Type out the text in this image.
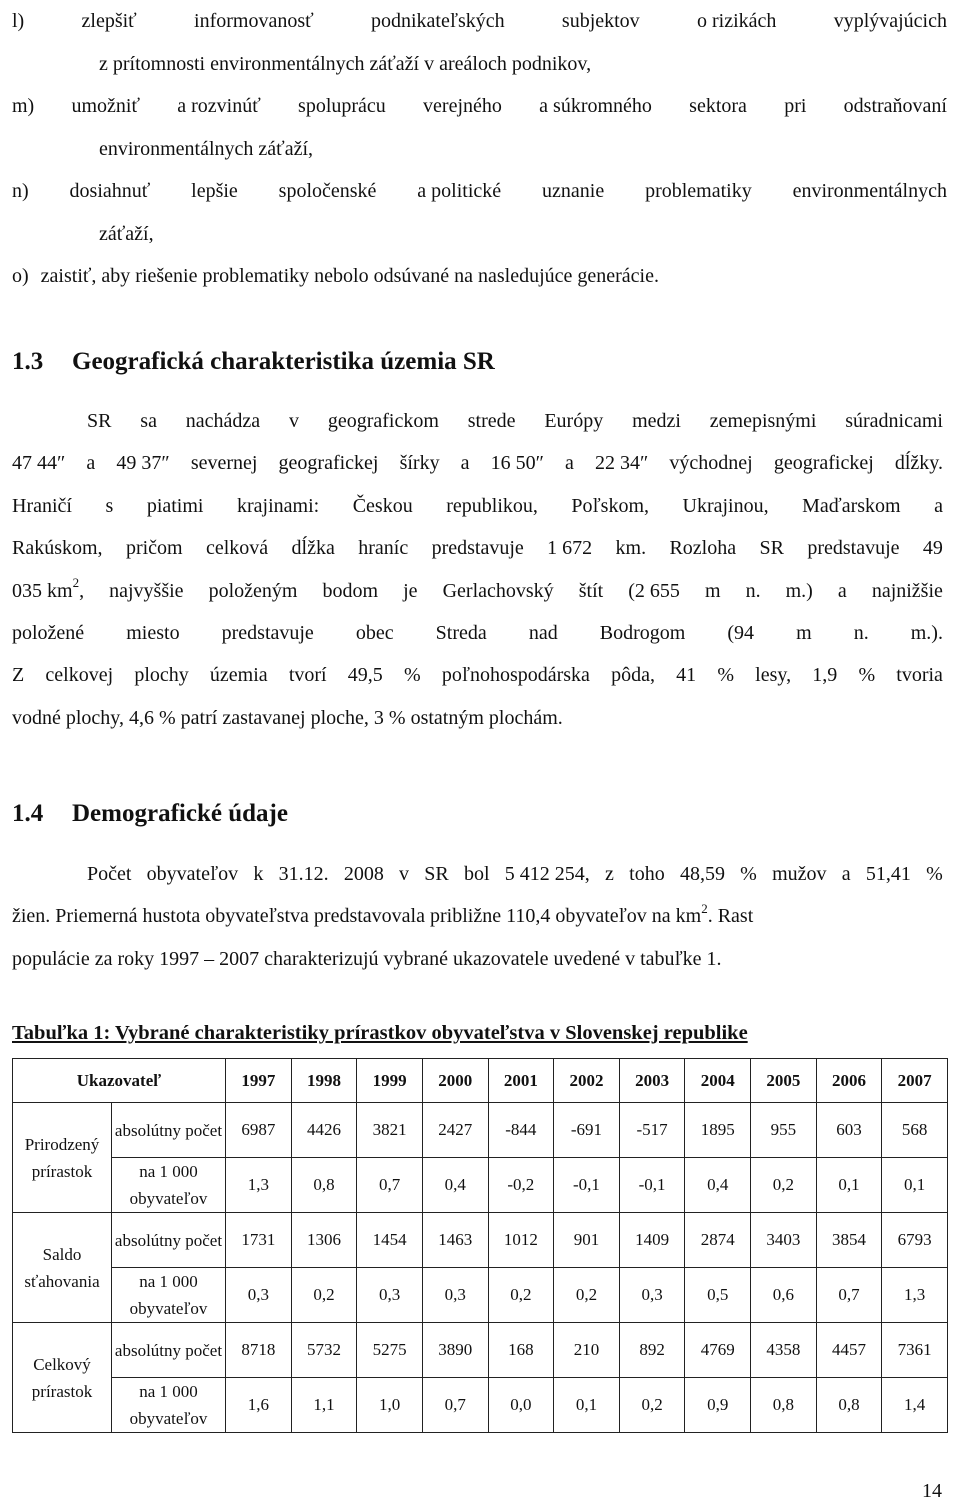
l)	zlepšiť	informovanosť	podnikateľských	subjektov	o rizikách	vyplývajúcich
z prítomnosti environmentálnych záťaží v areáloch podnikov,
m) umožniť a rozvinúť spoluprácu verejného a súkromného sektora pri odstraňovaní
environmentálnych záťaží,
n) dosiahnuť lepšie spoločenské a politické uznanie problematiky environmentálnych
záťaží,
o) zaistiť, aby riešenie problematiky nebolo odsúvané na nasledujúce generácie.
1.3 Geografická charakteristika územia SR
SR sa nachádza v geografickom strede Európy medzi zemepisnými súradnicami
47 44″ a 49 37″ severnej geografickej šírky a 16 50″ a 22 34″ východnej geografickej dĺžky.
Hraničí s piatimi krajinami: Českou republikou, Poľskom, Ukrajinou, Maďarskom a
Rakúskom, pričom celková dĺžka hraníc predstavuje 1 672 km. Rozloha SR predstavuje 49
035 $km^2$, najvyššie položeným bodom je Gerlachovský štít (2 655 m n. m.) a najnižšie
položené miesto predstavuje obec Streda nad Bodrogom (94 m n. m.).
Z celkovej plochy územia tvorí 49,5 % poľnohospodárska pôda, 41 % lesy, 1,9 % tvoria
vodné plochy, 4,6 % patrí zastavanej ploche, 3 % ostatným plochám.
1.4 Demografické údaje
Počet obyvateľov k 31.12. 2008 v SR bol 5 412 254, z toho 48,59 % mužov a 51,41 %
žien. Priemerná hustota obyvateľstva predstavovala približne 110,4 obyvateľov na $km^2$. Rast
populácie za roky 1997 – 2007 charakterizujú vybrané ukazovatele uvedené v tabuľke 1.
Tabuľka 1: Vybrané charakteristiky prírastkov obyvateľstva v Slovenskej republike
Ukazovateľ		1997	1998	1999	2000	2001	2002	2003	2004	2005	2006	2007
Prirodzený prírastok	absolútny počet	6987	4426	3821	2427	-844	-691	-517	1895	955	603	568
	na 1 000 obyvateľov	1,3	0,8	0,7	0,4	-0,2	-0,1	-0,1	0,4	0,2	0,1	0,1
Saldo sťahovania	absolútny počet	1731	1306	1454	1463	1012	901	1409	2874	3403	3854	6793
	na 1 000 obyvateľov	0,3	0,2	0,3	0,3	0,2	0,2	0,3	0,5	0,6	0,7	1,3
Celkový prírastok	absolútny počet	8718	5732	5275	3890	168	210	892	4769	4358	4457	7361
	na 1 000 obyvateľov	1,6	1,1	1,0	0,7	0,0	0,1	0,2	0,9	0,8	0,8	1,4
14
